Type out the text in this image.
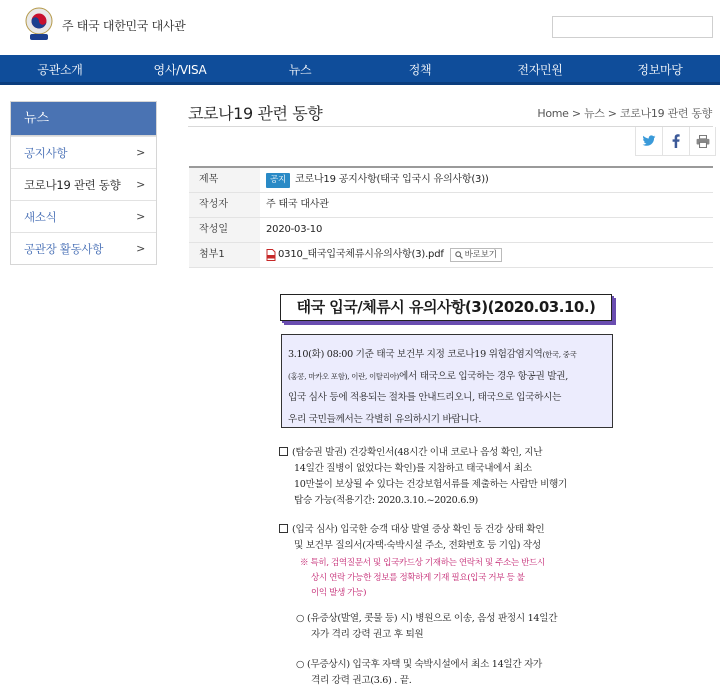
주 태국 대한민국 대사관
공관소개	영사/VISA	뉴스	정책	전자민원	정보마당
뉴스
공지사항	>
코로나19 관련 동향 >
새소식	>
공관장 활동사항	>
코로나19 관련 동향	Home > 뉴스 > 코로나19 관련 동향
제목	공지 코로나19 공지사항(태국 입국시 유의사항(3))
작성자	주 태국 대사관
작성일	2020-03-10
첨부1	0310_태국입국체류시유의사항(3).pdf 바로보기
태국 입국/체류시 유의사항(3)(2020.03.10.)
3.10(화) 08:00 기준 태국 보건부 지정 코로나19 위험감염지역(한국, 중국
(홍콩, 마카오 포함), 이란, 이탈리아)에서 태국으로 입국하는 경우 항공권 발권,
입국 심사 등에 적용되는 절차를 안내드리오니, 태국으로 입국하시는
우리 국민들께서는 각별히 유의하시기 바랍니다.
(탑승권 발권) 건강확인서(48시간 이내 코로나 음성 확인, 지난
14일간 질병이 없었다는 확인)를 지참하고 태국내에서 최소
10만불이 보상될 수 있다는 건강보험서류를 제출하는 사람만 비행기
탑승 가능(적용기간: 2020.3.10.~2020.6.9)
(입국 심사) 입국한 승객 대상 발열 증상 확인 등 건강 상태 확인
및 보건부 질의서(자택·숙박시설 주소, 전화번호 등 기입) 작성
※ 특히, 검역질문서 및 입국카드상 기재하는 연락처 및 주소는 반드시
상시 연락 가능한 정보를 정확하게 기재 필요(입국 거부 등 불
이익 발생 가능)
○ (유증상(발열, 콧물 등) 시) 병원으로 이송, 음성 판정시 14일간
자가 격리 강력 권고 후 퇴원
○ (무증상시) 입국후 자택 및 숙박시설에서 최소 14일간 자가
격리 강력 권고(3.6) . 끝.
